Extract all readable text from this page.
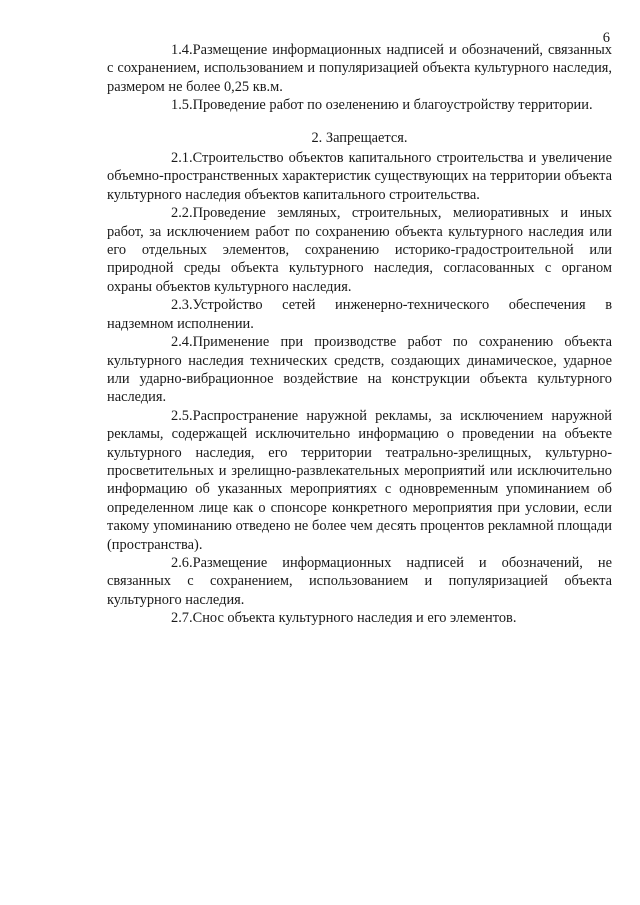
6

1.4.Размещение информационных надписей и обозначений, связанных с сохранением, использованием и популяризацией объекта культурного наследия, размером не более 0,25 кв.м.

1.5.Проведение работ по озеленению и благоустройству территории.

2. Запрещается.

2.1.Строительство объектов капитального строительства и увеличение объемно-пространственных характеристик существующих на территории объекта культурного наследия объектов капитального строительства.

2.2.Проведение земляных, строительных, мелиоративных и иных работ, за исключением работ по сохранению объекта культурного наследия или его отдельных элементов, сохранению историко-градостроительной или природной среды объекта культурного наследия, согласованных с органом охраны объектов культурного наследия.

2.3.Устройство сетей инженерно-технического обеспечения в надземном исполнении.

2.4.Применение при производстве работ по сохранению объекта культурного наследия технических средств, создающих динамическое, ударное или ударно-вибрационное воздействие на конструкции объекта культурного наследия.

2.5.Распространение наружной рекламы, за исключением наружной рекламы, содержащей исключительно информацию о проведении на объекте культурного наследия, его территории театрально-зрелищных, культурно-просветительных и зрелищно-развлекательных мероприятий или исключительно информацию об указанных мероприятиях с одновременным упоминанием об определенном лице как о спонсоре конкретного мероприятия при условии, если такому упоминанию отведено не более чем десять процентов рекламной площади (пространства).

2.6.Размещение информационных надписей и обозначений, не связанных с сохранением, использованием и популяризацией объекта культурного наследия.

2.7.Снос объекта культурного наследия и его элементов.
